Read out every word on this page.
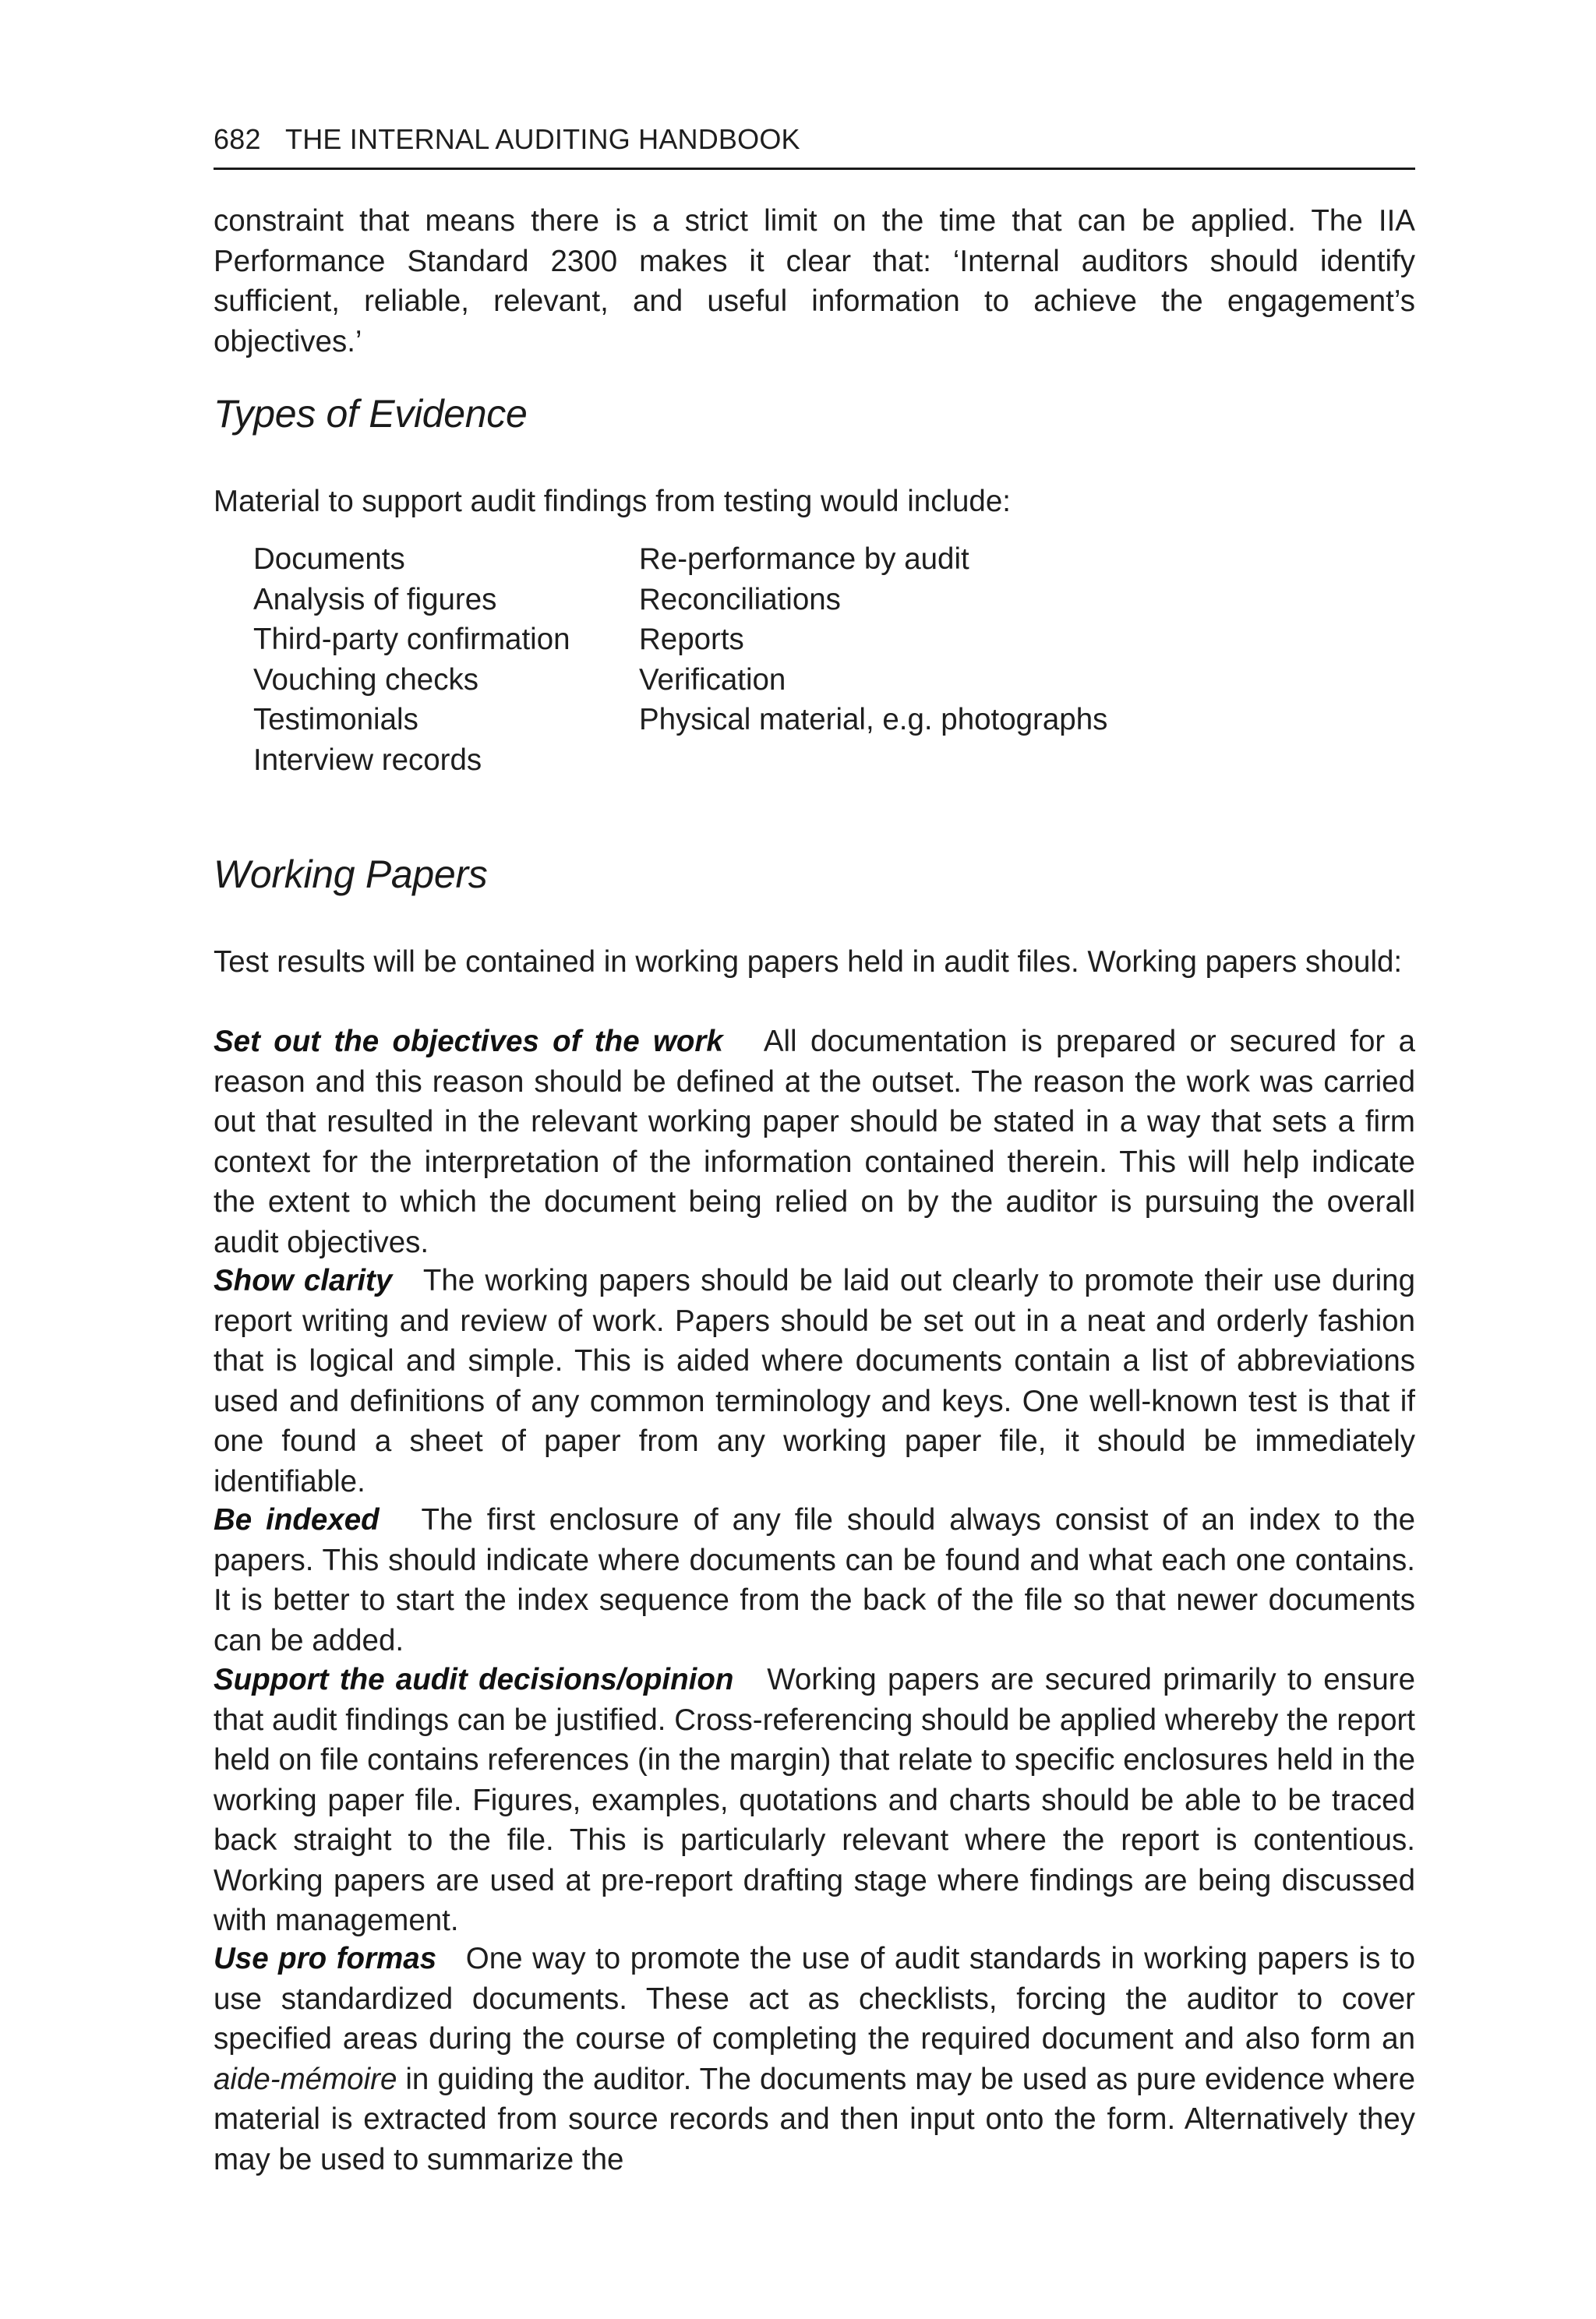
682 THE INTERNAL AUDITING HANDBOOK

constraint that means there is a strict limit on the time that can be applied. The IIA Performance Standard 2300 makes it clear that: ‘Internal auditors should identify sufficient, reliable, relevant, and useful information to achieve the engagement’s objectives.’

Types of Evidence

Material to support audit findings from testing would include:

Documents
Analysis of figures
Third-party confirmation
Vouching checks
Testimonials
Interview records
Re-performance by audit
Reconciliations
Reports
Verification
Physical material, e.g. photographs
Working Papers

Test results will be contained in working papers held in audit files. Working papers should:

Set out the objectives of the work All documentation is prepared or secured for a reason and this reason should be defined at the outset. The reason the work was carried out that resulted in the relevant working paper should be stated in a way that sets a firm context for the interpretation of the information contained therein. This will help indicate the extent to which the document being relied on by the auditor is pursuing the overall audit objectives.

Show clarity The working papers should be laid out clearly to promote their use during report writing and review of work. Papers should be set out in a neat and orderly fashion that is logical and simple. This is aided where documents contain a list of abbreviations used and definitions of any common terminology and keys. One well-known test is that if one found a sheet of paper from any working paper file, it should be immediately identifiable.

Be indexed The first enclosure of any file should always consist of an index to the papers. This should indicate where documents can be found and what each one contains. It is better to start the index sequence from the back of the file so that newer documents can be added.

Support the audit decisions/opinion Working papers are secured primarily to ensure that audit findings can be justified. Cross-referencing should be applied whereby the report held on file contains references (in the margin) that relate to specific enclosures held in the working paper file. Figures, examples, quotations and charts should be able to be traced back straight to the file. This is particularly relevant where the report is contentious. Working papers are used at pre-report drafting stage where findings are being discussed with management.

Use pro formas One way to promote the use of audit standards in working papers is to use standardized documents. These act as checklists, forcing the auditor to cover specified areas during the course of completing the required document and also form an aide-mémoire in guiding the auditor. The documents may be used as pure evidence where material is extracted from source records and then input onto the form. Alternatively they may be used to summarize the
